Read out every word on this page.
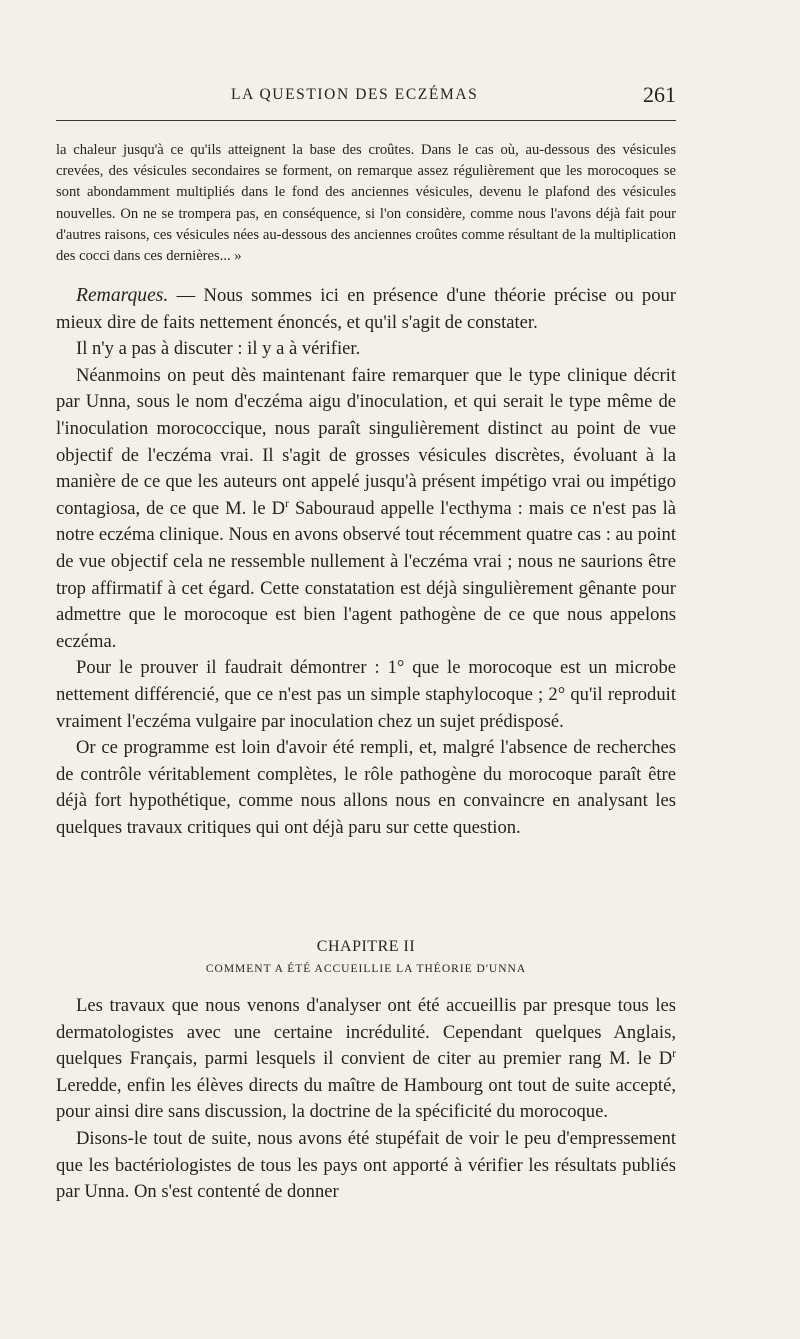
LA QUESTION DES ECZÉMAS	261

la chaleur jusqu'à ce qu'ils atteignent la base des croûtes. Dans le cas où, au-dessous des vésicules crevées, des vésicules secondaires se forment, on remarque assez régulièrement que les morocoques se sont abondamment multipliés dans le fond des anciennes vésicules, devenu le plafond des vésicules nouvelles. On ne se trompera pas, en conséquence, si l'on considère, comme nous l'avons déjà fait pour d'autres raisons, ces vésicules nées au-dessous des anciennes croûtes comme résultant de la multiplication des cocci dans ces dernières... »

Remarques. — Nous sommes ici en présence d'une théorie précise ou pour mieux dire de faits nettement énoncés, et qu'il s'agit de constater.

Il n'y a pas à discuter : il y a à vérifier.

Néanmoins on peut dès maintenant faire remarquer que le type clinique décrit par Unna, sous le nom d'eczéma aigu d'inoculation, et qui serait le type même de l'inoculation morococcique, nous paraît singulièrement distinct au point de vue objectif de l'eczéma vrai. Il s'agit de grosses vésicules discrètes, évoluant à la manière de ce que les auteurs ont appelé jusqu'à présent impétigo vrai ou impétigo contagiosa, de ce que M. le $D^r$ Sabouraud appelle l'ecthyma : mais ce n'est pas là notre eczéma clinique. Nous en avons observé tout récemment quatre cas : au point de vue objectif cela ne ressemble nullement à l'eczéma vrai ; nous ne saurions être trop affirmatif à cet égard. Cette constatation est déjà singulièrement gênante pour admettre que le morocoque est bien l'agent pathogène de ce que nous appelons eczéma.

Pour le prouver il faudrait démontrer : 1° que le morocoque est un microbe nettement différencié, que ce n'est pas un simple staphylocoque ; 2° qu'il reproduit vraiment l'eczéma vulgaire par inoculation chez un sujet prédisposé.

Or ce programme est loin d'avoir été rempli, et, malgré l'absence de recherches de contrôle véritablement complètes, le rôle pathogène du morocoque paraît être déjà fort hypothétique, comme nous allons nous en convaincre en analysant les quelques travaux critiques qui ont déjà paru sur cette question.

CHAPITRE II
COMMENT A ÉTÉ ACCUEILLIE LA THÉORIE D'UNNA

Les travaux que nous venons d'analyser ont été accueillis par presque tous les dermatologistes avec une certaine incrédulité. Cependant quelques Anglais, quelques Français, parmi lesquels il convient de citer au premier rang M. le $D^r$ Leredde, enfin les élèves directs du maître de Hambourg ont tout de suite accepté, pour ainsi dire sans discussion, la doctrine de la spécificité du morocoque.

Disons-le tout de suite, nous avons été stupéfait de voir le peu d'empressement que les bactériologistes de tous les pays ont apporté à vérifier les résultats publiés par Unna. On s'est contenté de donner
